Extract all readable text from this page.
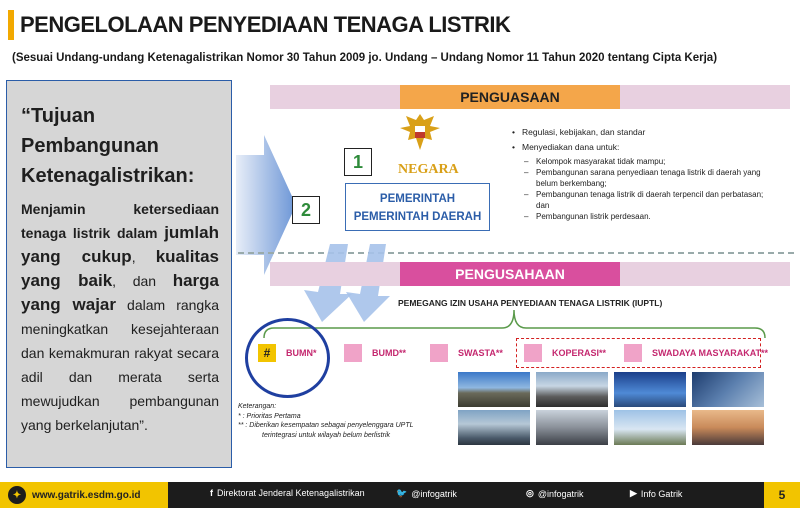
PENGELOLAAN PENYEDIAAN TENAGA LISTRIK
(Sesuai Undang-undang Ketenagalistrikan Nomor 30 Tahun 2009 jo. Undang – Undang Nomor 11 Tahun 2020 tentang Cipta Kerja)
“Tujuan Pembangunan Ketenagalistrikan:
Menjamin ketersediaan tenaga listrik dalam jumlah yang cukup, kualitas yang baik, dan harga yang wajar dalam rangka meningkatkan kesejahteraan dan kemakmuran rakyat secara adil dan merata serta mewujudkan pembangunan yang berkelanjutan”.
PENGUASAAN
NEGARA
1
2
PEMERINTAH
PEMERINTAH DAERAH
• Regulasi, kebijakan, dan standar
• Menyediakan dana untuk:
– Kelompok masyarakat tidak mampu;
– Pembangunan sarana penyediaan tenaga listrik di daerah yang belum berkembang;
– Pembangunan tenaga listrik di daerah terpencil dan perbatasan; dan
– Pembangunan listrik perdesaan.
PENGUSAHAAN
PEMEGANG IZIN USAHA PENYEDIAAN TENAGA LISTRIK (IUPTL)
#	BUMN*	BUMD**	SWASTA**	KOPERASI**	SWADAYA MASYARAKAT**
Keterangan:
* : Prioritas Pertama
** : Diberikan kesempatan sebagai penyelenggara UPTL
terintegrasi untuk wilayah belum berlistrik
✦	www.gatrik.esdm.go.id	f Direktorat Jenderal Ketenagalistrikan	🐦 @infogatrik	◎ @infogatrik	▶ Info Gatrik	5
